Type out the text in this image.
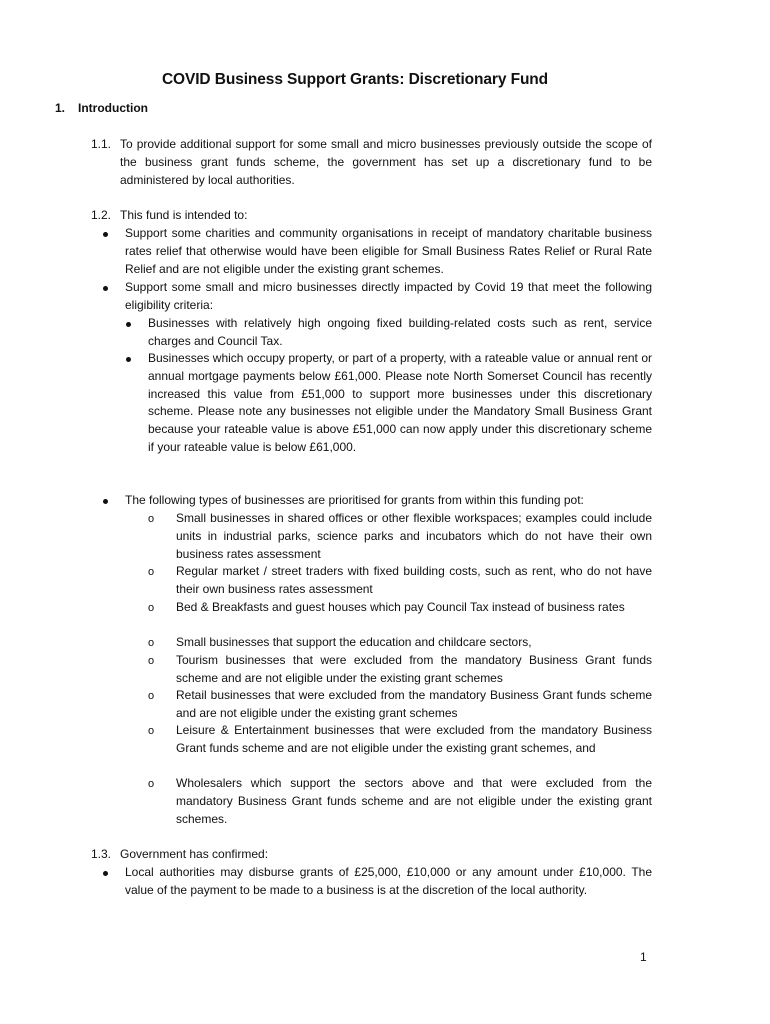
COVID Business Support Grants: Discretionary Fund
1. Introduction
1.1. To provide additional support for some small and micro businesses previously outside the scope of the business grant funds scheme, the government has set up a discretionary fund to be administered by local authorities.
1.2. This fund is intended to:
Support some charities and community organisations in receipt of mandatory charitable business rates relief that otherwise would have been eligible for Small Business Rates Relief or Rural Rate Relief and are not eligible under the existing grant schemes.
Support some small and micro businesses directly impacted by Covid 19 that meet the following eligibility criteria:
Businesses with relatively high ongoing fixed building-related costs such as rent, service charges and Council Tax.
Businesses which occupy property, or part of a property, with a rateable value or annual rent or annual mortgage payments below £61,000. Please note North Somerset Council has recently increased this value from £51,000 to support more businesses under this discretionary scheme. Please note any businesses not eligible under the Mandatory Small Business Grant because your rateable value is above £51,000 can now apply under this discretionary scheme if your rateable value is below £61,000.
The following types of businesses are prioritised for grants from within this funding pot:
o Small businesses in shared offices or other flexible workspaces; examples could include units in industrial parks, science parks and incubators which do not have their own business rates assessment
o Regular market / street traders with fixed building costs, such as rent, who do not have their own business rates assessment
o Bed & Breakfasts and guest houses which pay Council Tax instead of business rates
o Small businesses that support the education and childcare sectors,
o Tourism businesses that were excluded from the mandatory Business Grant funds scheme and are not eligible under the existing grant schemes
o Retail businesses that were excluded from the mandatory Business Grant funds scheme and are not eligible under the existing grant schemes
o Leisure & Entertainment businesses that were excluded from the mandatory Business Grant funds scheme and are not eligible under the existing grant schemes, and
o Wholesalers which support the sectors above and that were excluded from the mandatory Business Grant funds scheme and are not eligible under the existing grant schemes.
1.3. Government has confirmed:
Local authorities may disburse grants of £25,000, £10,000 or any amount under £10,000. The value of the payment to be made to a business is at the discretion of the local authority.
1
